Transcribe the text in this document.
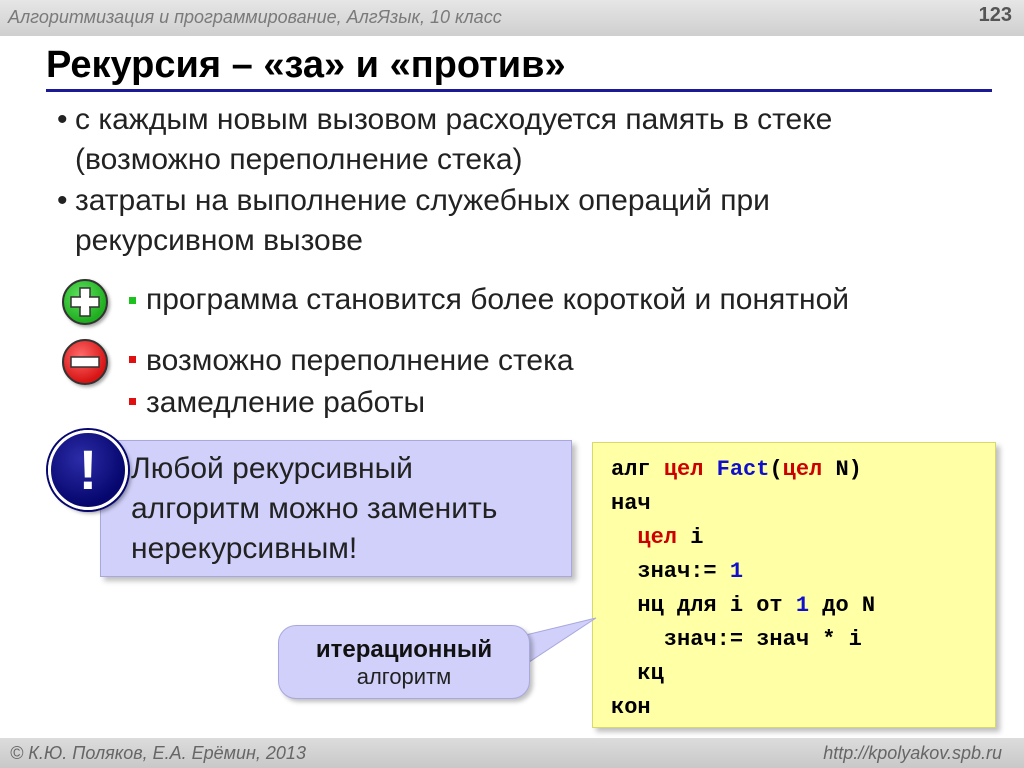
Алгоритмизация и программирование, АлгЯзык, 10 класс	123
Рекурсия – «за» и «против»
• с каждым новым вызовом расходуется память в стеке
(возможно переполнение стека)
• затраты на выполнение служебных операций при
рекурсивном вызове
программа становится более короткой и понятной
возможно переполнение стека
замедление работы
Любой рекурсивный
алгоритм можно заменить
нерекурсивным!
!	алг цел Fact(цел N)
нач
цел i
знач:= 1
нц для i от 1 до N
знач:= знач * i
кц
кон
итерационный
алгоритм
© К.Ю. Поляков, Е.А. Ерёмин, 2013	http://kpolyakov.spb.ru
